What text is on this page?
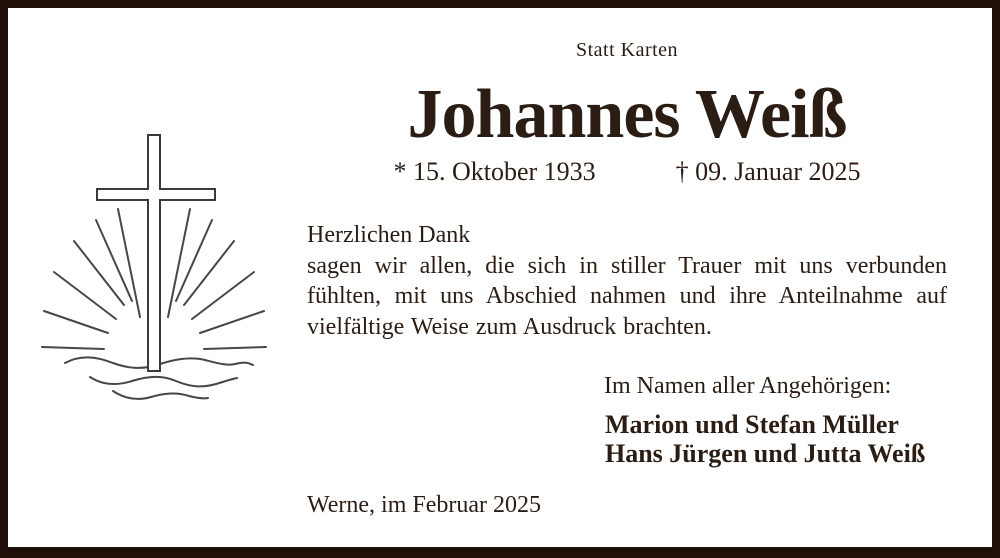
Statt Karten
Johannes Weiß
* 15. Oktober 1933	† 09. Januar 2025
Herzlichen Dank
sagen wir allen, die sich in stiller Trauer mit uns verbunden fühlten, mit uns Abschied nahmen und ihre Anteilnahme auf vielfältige Weise zum Ausdruck brachten.
Im Namen aller Angehörigen:
Marion und Stefan Müller
Hans Jürgen und Jutta Weiß
Werne, im Februar 2025
